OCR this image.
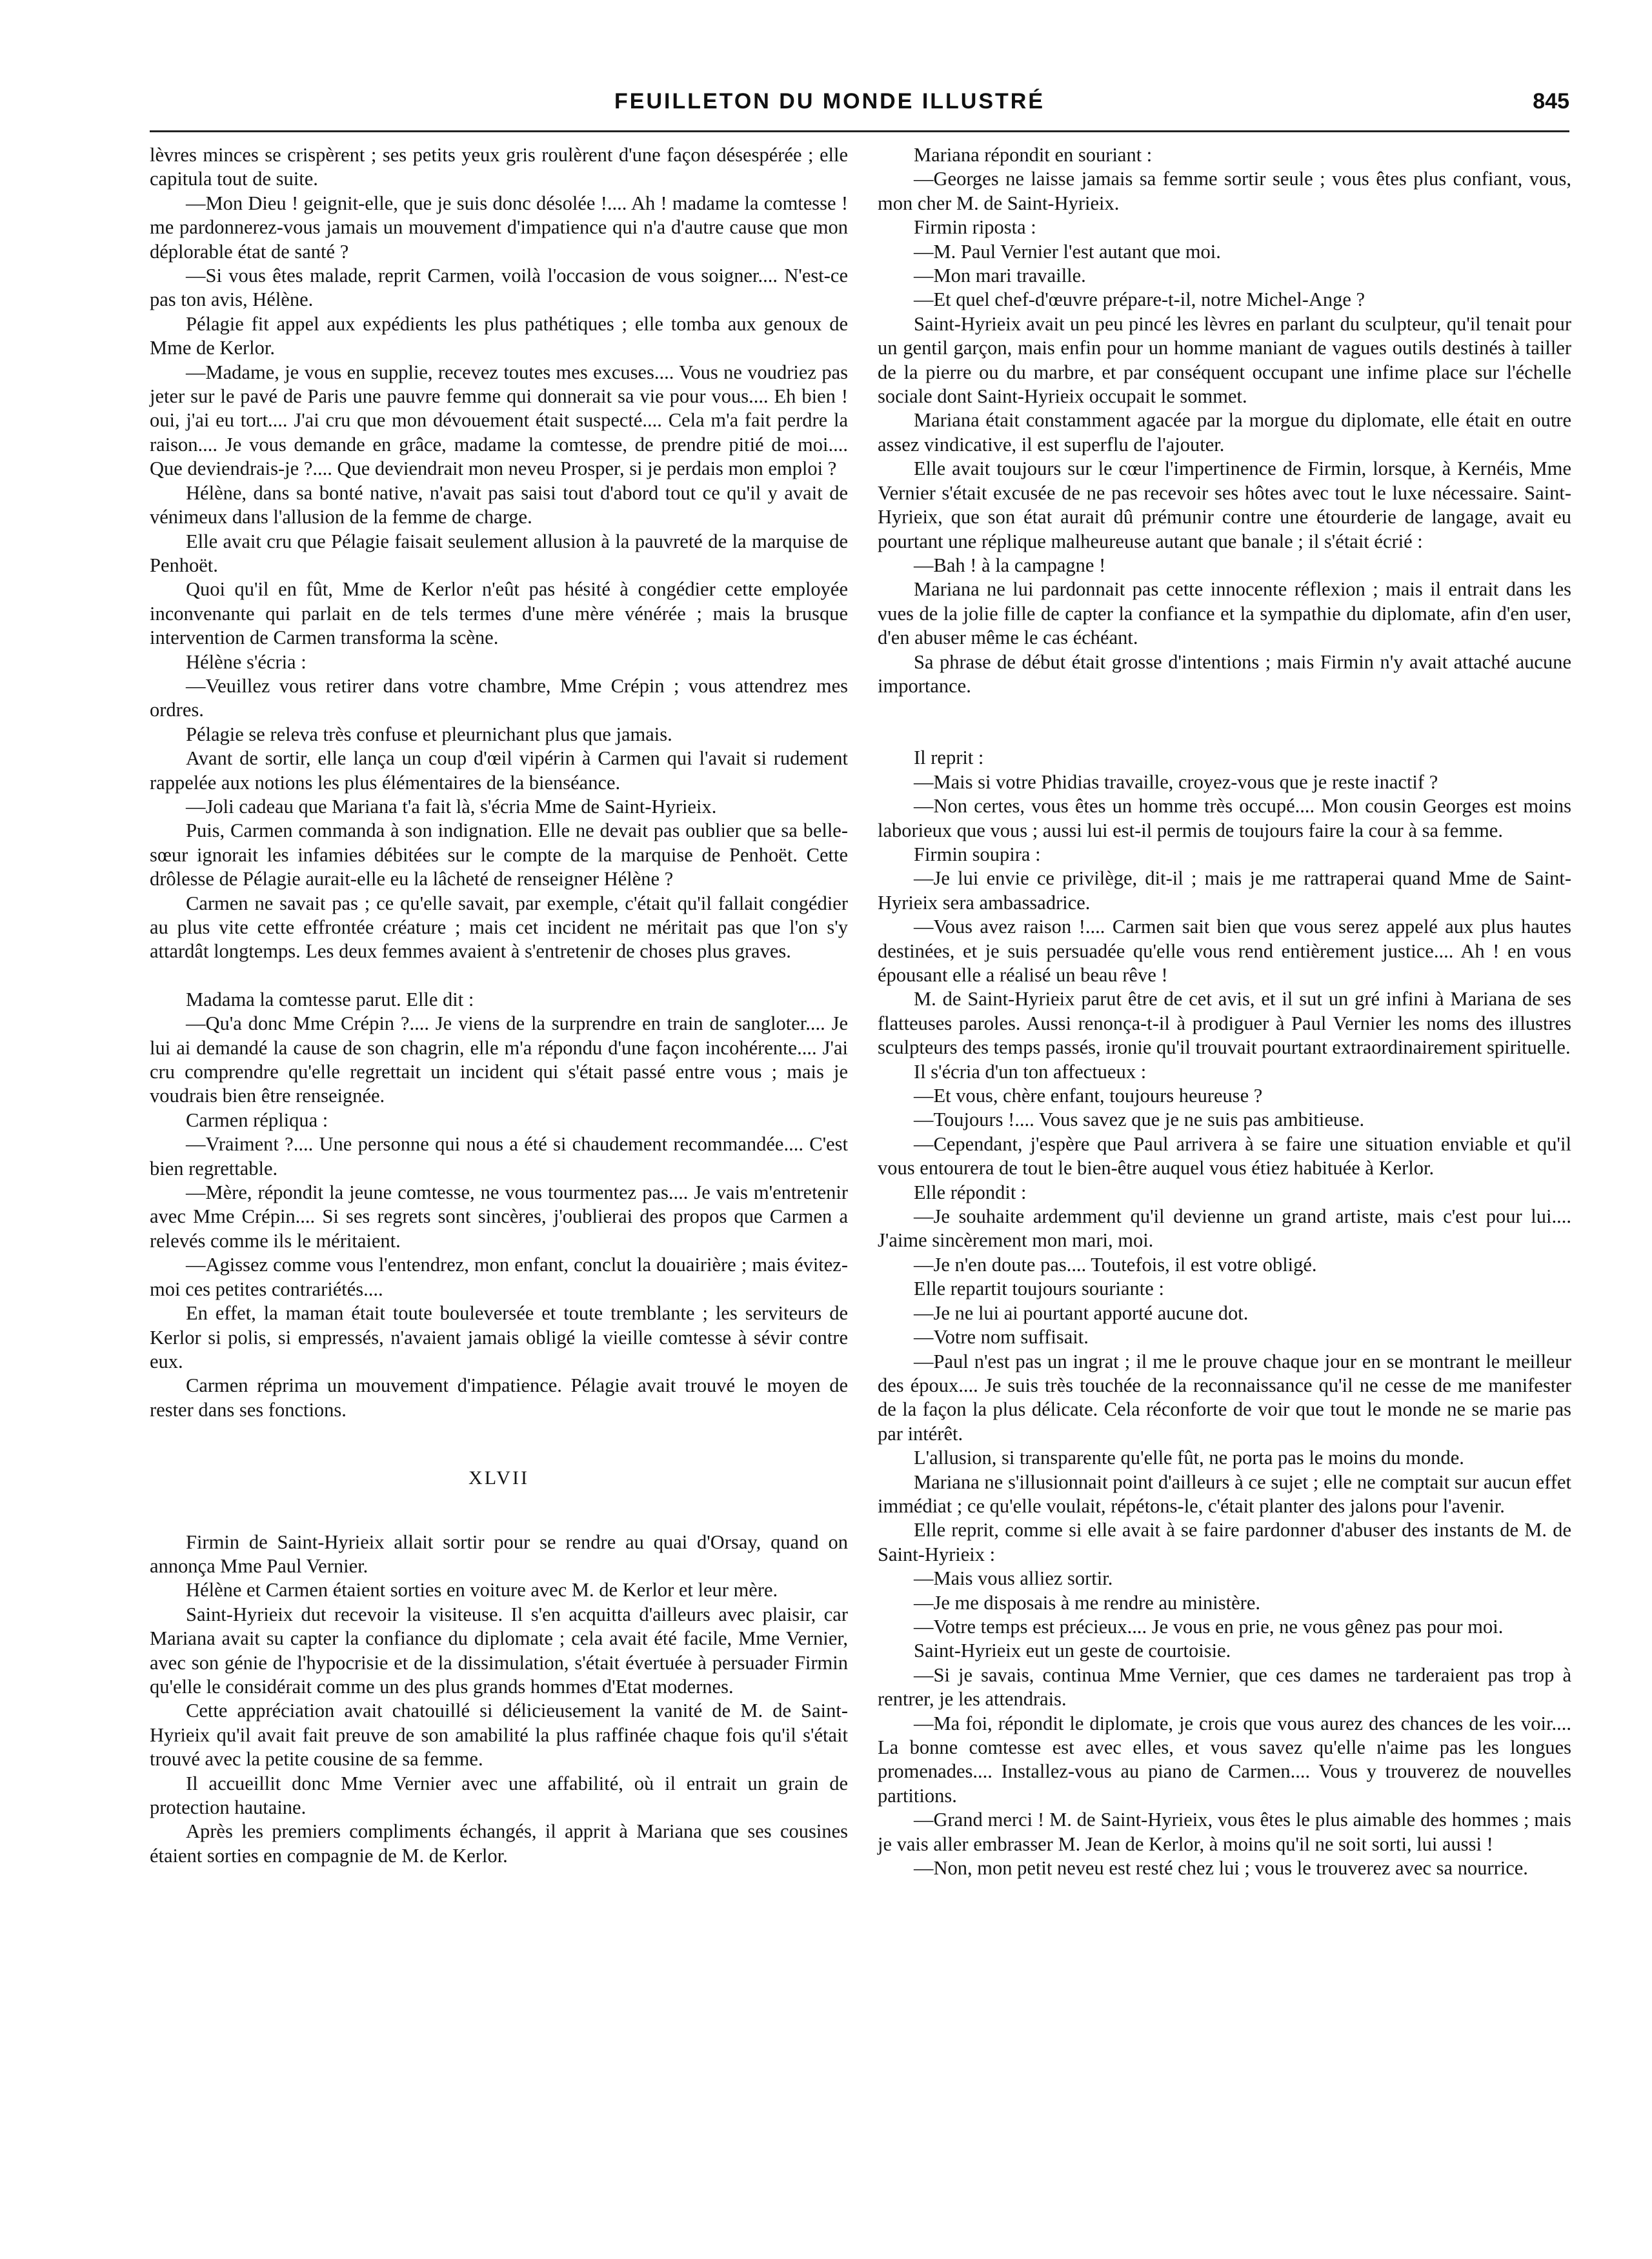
FEUILLETON DU MONDE ILLUSTRÉ	845

lèvres minces se crispèrent ; ses petits yeux gris roulèrent d'une façon désespérée ; elle capitula tout de suite.

—Mon Dieu ! geignit-elle, que je suis donc désolée !.... Ah ! madame la comtesse ! me pardonnerez-vous jamais un mouvement d'impatience qui n'a d'autre cause que mon déplorable état de santé ?

—Si vous êtes malade, reprit Carmen, voilà l'occasion de vous soigner.... N'est-ce pas ton avis, Hélène.

Pélagie fit appel aux expédients les plus pathétiques ; elle tomba aux genoux de Mme de Kerlor.

—Madame, je vous en supplie, recevez toutes mes excuses.... Vous ne voudriez pas jeter sur le pavé de Paris une pauvre femme qui donnerait sa vie pour vous.... Eh bien ! oui, j'ai eu tort.... J'ai cru que mon dévouement était suspecté.... Cela m'a fait perdre la raison.... Je vous demande en grâce, madame la comtesse, de prendre pitié de moi.... Que deviendrais-je ?.... Que deviendrait mon neveu Prosper, si je perdais mon emploi ?

Hélène, dans sa bonté native, n'avait pas saisi tout d'abord tout ce qu'il y avait de vénimeux dans l'allusion de la femme de charge.

Elle avait cru que Pélagie faisait seulement allusion à la pauvreté de la marquise de Penhoët.

Quoi qu'il en fût, Mme de Kerlor n'eût pas hésité à congédier cette employée inconvenante qui parlait en de tels termes d'une mère vénérée ; mais la brusque intervention de Carmen transforma la scène.

Hélène s'écria :

—Veuillez vous retirer dans votre chambre, Mme Crépin ; vous attendrez mes ordres.

Pélagie se releva très confuse et pleurnichant plus que jamais.

Avant de sortir, elle lança un coup d'œil vipérin à Carmen qui l'avait si rudement rappelée aux notions les plus élémentaires de la bienséance.

—Joli cadeau que Mariana t'a fait là, s'écria Mme de Saint-Hyrieix.

Puis, Carmen commanda à son indignation. Elle ne devait pas oublier que sa belle-sœur ignorait les infamies débitées sur le compte de la marquise de Penhoët. Cette drôlesse de Pélagie aurait-elle eu la lâcheté de renseigner Hélène ?

Carmen ne savait pas ; ce qu'elle savait, par exemple, c'était qu'il fallait congédier au plus vite cette effrontée créature ; mais cet incident ne méritait pas que l'on s'y attardât longtemps. Les deux femmes avaient à s'entretenir de choses plus graves.

Madama la comtesse parut. Elle dit :

—Qu'a donc Mme Crépin ?.... Je viens de la surprendre en train de sangloter.... Je lui ai demandé la cause de son chagrin, elle m'a répondu d'une façon incohérente.... J'ai cru comprendre qu'elle regrettait un incident qui s'était passé entre vous ; mais je voudrais bien être renseignée.

Carmen répliqua :

—Vraiment ?.... Une personne qui nous a été si chaudement recommandée.... C'est bien regrettable.

—Mère, répondit la jeune comtesse, ne vous tourmentez pas.... Je vais m'entretenir avec Mme Crépin.... Si ses regrets sont sincères, j'oublierai des propos que Carmen a relevés comme ils le méritaient.

—Agissez comme vous l'entendrez, mon enfant, conclut la douairière ; mais évitez-moi ces petites contrariétés....

En effet, la maman était toute bouleversée et toute tremblante ; les serviteurs de Kerlor si polis, si empressés, n'avaient jamais obligé la vieille comtesse à sévir contre eux.

Carmen réprima un mouvement d'impatience. Pélagie avait trouvé le moyen de rester dans ses fonctions.

XLVII

Firmin de Saint-Hyrieix allait sortir pour se rendre au quai d'Orsay, quand on annonça Mme Paul Vernier.

Hélène et Carmen étaient sorties en voiture avec M. de Kerlor et leur mère.

Saint-Hyrieix dut recevoir la visiteuse. Il s'en acquitta d'ailleurs avec plaisir, car Mariana avait su capter la confiance du diplomate ; cela avait été facile, Mme Vernier, avec son génie de l'hypocrisie et de la dissimulation, s'était évertuée à persuader Firmin qu'elle le considérait comme un des plus grands hommes d'Etat modernes.

Cette appréciation avait chatouillé si délicieusement la vanité de M. de Saint-Hyrieix qu'il avait fait preuve de son amabilité la plus raffinée chaque fois qu'il s'était trouvé avec la petite cousine de sa femme.

Il accueillit donc Mme Vernier avec une affabilité, où il entrait un grain de protection hautaine.

Après les premiers compliments échangés, il apprit à Mariana que ses cousines étaient sorties en compagnie de M. de Kerlor.

Mariana répondit en souriant :

—Georges ne laisse jamais sa femme sortir seule ; vous êtes plus confiant, vous, mon cher M. de Saint-Hyrieix.

Firmin riposta :

—M. Paul Vernier l'est autant que moi.

—Mon mari travaille.

—Et quel chef-d'œuvre prépare-t-il, notre Michel-Ange ?

Saint-Hyrieix avait un peu pincé les lèvres en parlant du sculpteur, qu'il tenait pour un gentil garçon, mais enfin pour un homme maniant de vagues outils destinés à tailler de la pierre ou du marbre, et par conséquent occupant une infime place sur l'échelle sociale dont Saint-Hyrieix occupait le sommet.

Mariana était constamment agacée par la morgue du diplomate, elle était en outre assez vindicative, il est superflu de l'ajouter.

Elle avait toujours sur le cœur l'impertinence de Firmin, lorsque, à Kernéis, Mme Vernier s'était excusée de ne pas recevoir ses hôtes avec tout le luxe nécessaire. Saint-Hyrieix, que son état aurait dû prémunir contre une étourderie de langage, avait eu pourtant une réplique malheureuse autant que banale ; il s'était écrié :

—Bah ! à la campagne !

Mariana ne lui pardonnait pas cette innocente réflexion ; mais il entrait dans les vues de la jolie fille de capter la confiance et la sympathie du diplomate, afin d'en user, d'en abuser même le cas échéant.

Sa phrase de début était grosse d'intentions ; mais Firmin n'y avait attaché aucune importance.

Il reprit :

—Mais si votre Phidias travaille, croyez-vous que je reste inactif ?

—Non certes, vous êtes un homme très occupé.... Mon cousin Georges est moins laborieux que vous ; aussi lui est-il permis de toujours faire la cour à sa femme.

Firmin soupira :

—Je lui envie ce privilège, dit-il ; mais je me rattraperai quand Mme de Saint-Hyrieix sera ambassadrice.

—Vous avez raison !.... Carmen sait bien que vous serez appelé aux plus hautes destinées, et je suis persuadée qu'elle vous rend entièrement justice.... Ah ! en vous épousant elle a réalisé un beau rêve !

M. de Saint-Hyrieix parut être de cet avis, et il sut un gré infini à Mariana de ses flatteuses paroles. Aussi renonça-t-il à prodiguer à Paul Vernier les noms des illustres sculpteurs des temps passés, ironie qu'il trouvait pourtant extraordinairement spirituelle.

Il s'écria d'un ton affectueux :

—Et vous, chère enfant, toujours heureuse ?

—Toujours !.... Vous savez que je ne suis pas ambitieuse.

—Cependant, j'espère que Paul arrivera à se faire une situation enviable et qu'il vous entourera de tout le bien-être auquel vous étiez habituée à Kerlor.

Elle répondit :

—Je souhaite ardemment qu'il devienne un grand artiste, mais c'est pour lui.... J'aime sincèrement mon mari, moi.

—Je n'en doute pas.... Toutefois, il est votre obligé.

Elle repartit toujours souriante :

—Je ne lui ai pourtant apporté aucune dot.

—Votre nom suffisait.

—Paul n'est pas un ingrat ; il me le prouve chaque jour en se montrant le meilleur des époux.... Je suis très touchée de la reconnaissance qu'il ne cesse de me manifester de la façon la plus délicate. Cela réconforte de voir que tout le monde ne se marie pas par intérêt.

L'allusion, si transparente qu'elle fût, ne porta pas le moins du monde.

Mariana ne s'illusionnait point d'ailleurs à ce sujet ; elle ne comptait sur aucun effet immédiat ; ce qu'elle voulait, répétons-le, c'était planter des jalons pour l'avenir.

Elle reprit, comme si elle avait à se faire pardonner d'abuser des instants de M. de Saint-Hyrieix :

—Mais vous alliez sortir.

—Je me disposais à me rendre au ministère.

—Votre temps est précieux.... Je vous en prie, ne vous gênez pas pour moi.

Saint-Hyrieix eut un geste de courtoisie.

—Si je savais, continua Mme Vernier, que ces dames ne tarderaient pas trop à rentrer, je les attendrais.

—Ma foi, répondit le diplomate, je crois que vous aurez des chances de les voir.... La bonne comtesse est avec elles, et vous savez qu'elle n'aime pas les longues promenades.... Installez-vous au piano de Carmen.... Vous y trouverez de nouvelles partitions.

—Grand merci ! M. de Saint-Hyrieix, vous êtes le plus aimable des hommes ; mais je vais aller embrasser M. Jean de Kerlor, à moins qu'il ne soit sorti, lui aussi !

—Non, mon petit neveu est resté chez lui ; vous le trouverez avec sa nourrice.
